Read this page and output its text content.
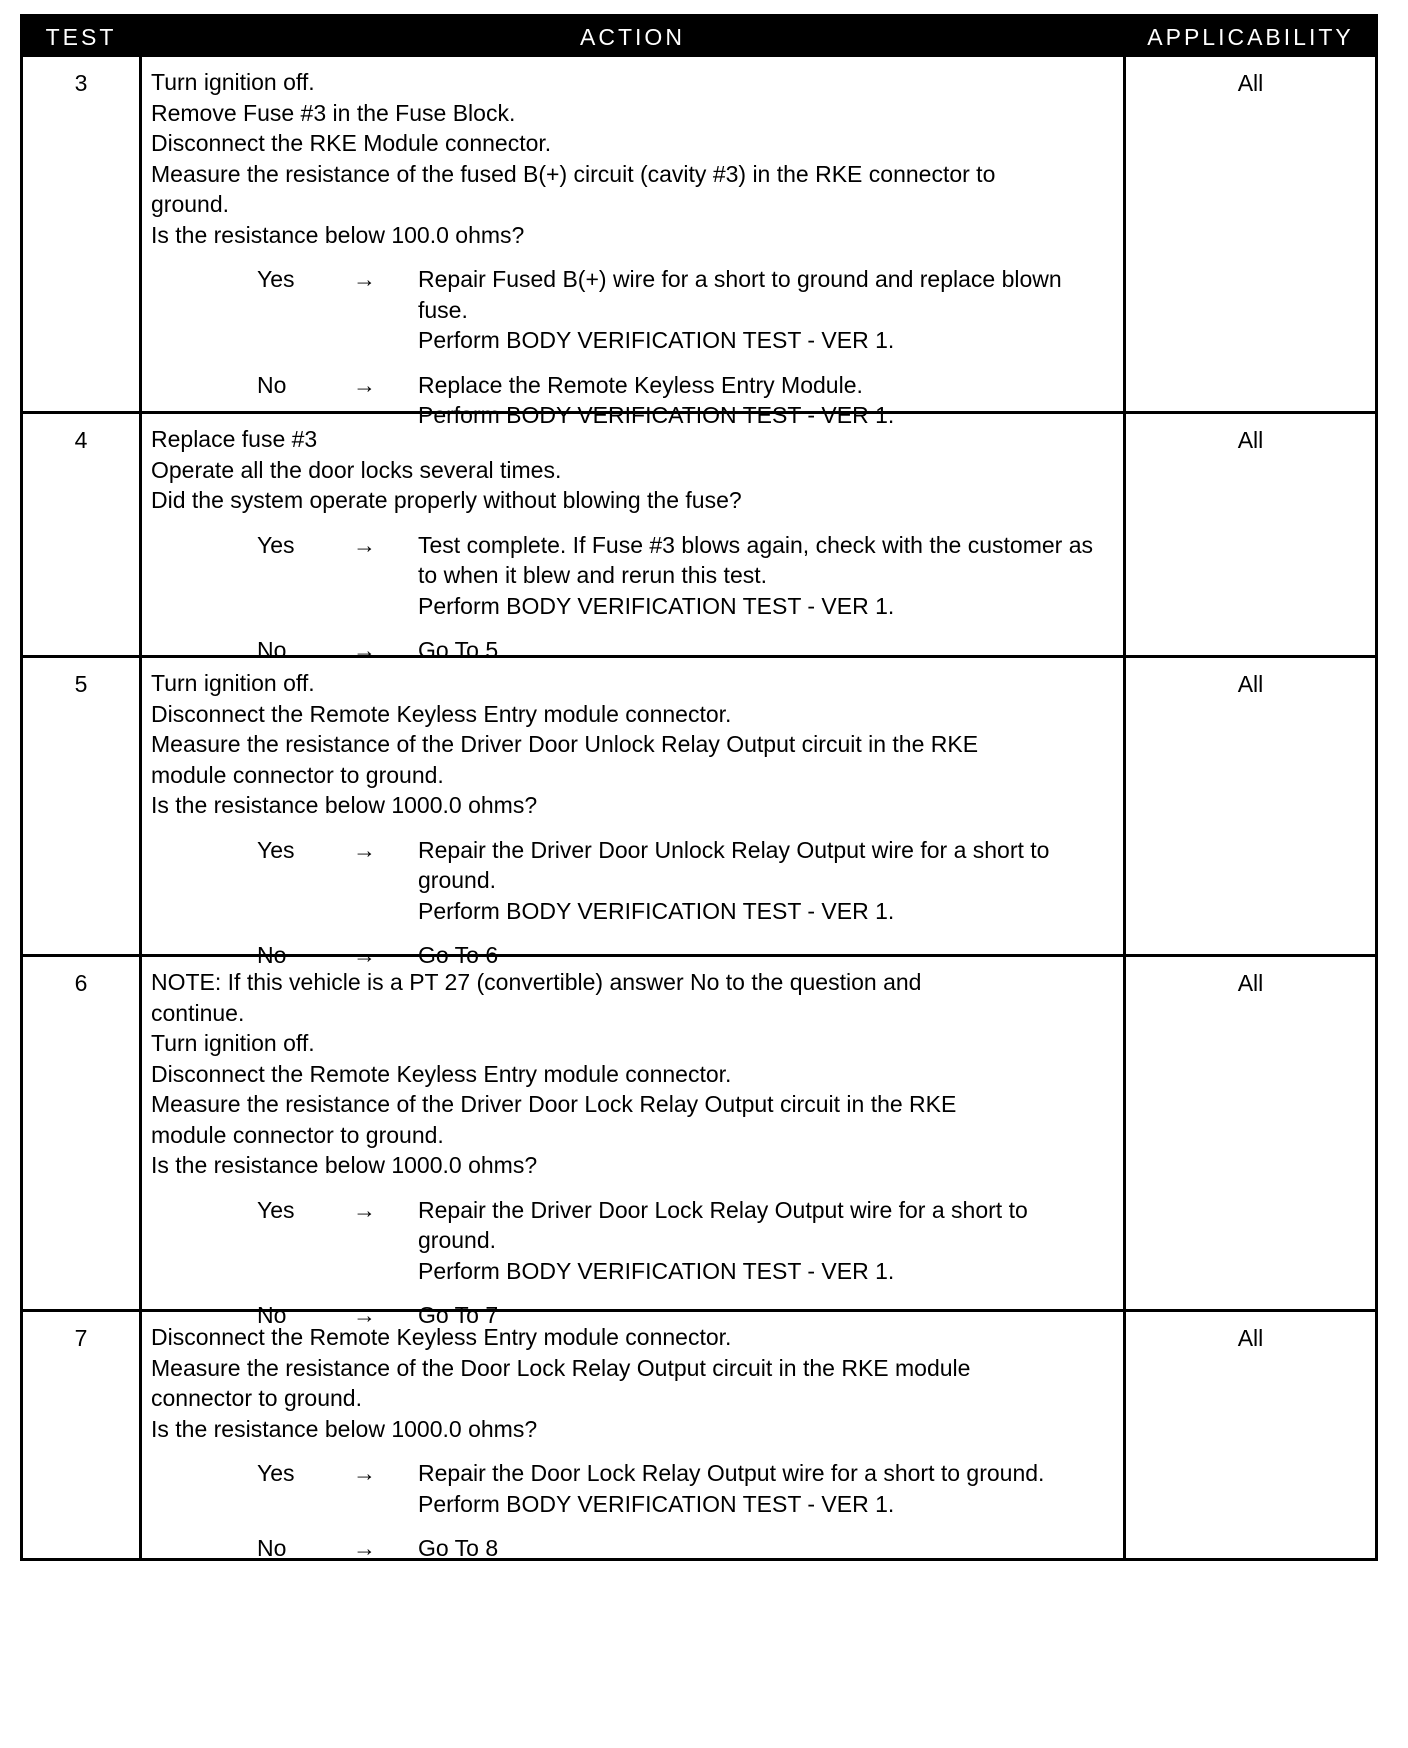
TEST	ACTION	APPLICABILITY
3	Turn ignition off.
Remove Fuse #3 in the Fuse Block.
Disconnect the RKE Module connector.
Measure the resistance of the fused B(+) circuit (cavity #3) in the RKE connector to
ground.
Is the resistance below 100.0 ohms?
Yes	→	Repair Fused B(+) wire for a short to ground and replace blown
fuse.
Perform BODY VERIFICATION TEST - VER 1.
No	→	Replace the Remote Keyless Entry Module.
Perform BODY VERIFICATION TEST - VER 1.
All
4	Replace fuse #3
Operate all the door locks several times.
Did the system operate properly without blowing the fuse?
Yes	→	Test complete. If Fuse #3 blows again, check with the customer as
to when it blew and rerun this test.
Perform BODY VERIFICATION TEST - VER 1.
No	→	Go To 5
All
5	Turn ignition off.
Disconnect the Remote Keyless Entry module connector.
Measure the resistance of the Driver Door Unlock Relay Output circuit in the RKE
module connector to ground.
Is the resistance below 1000.0 ohms?
Yes	→	Repair the Driver Door Unlock Relay Output wire for a short to
ground.
Perform BODY VERIFICATION TEST - VER 1.
No	→	Go To 6
All
6	NOTE: If this vehicle is a PT 27 (convertible) answer No to the question and
continue.
Turn ignition off.
Disconnect the Remote Keyless Entry module connector.
Measure the resistance of the Driver Door Lock Relay Output circuit in the RKE
module connector to ground.
Is the resistance below 1000.0 ohms?
Yes	→	Repair the Driver Door Lock Relay Output wire for a short to
ground.
Perform BODY VERIFICATION TEST - VER 1.
No	→	Go To 7
All
7	Disconnect the Remote Keyless Entry module connector.
Measure the resistance of the Door Lock Relay Output circuit in the RKE module
connector to ground.
Is the resistance below 1000.0 ohms?
Yes	→	Repair the Door Lock Relay Output wire for a short to ground.
Perform BODY VERIFICATION TEST - VER 1.
No	→	Go To 8
All
